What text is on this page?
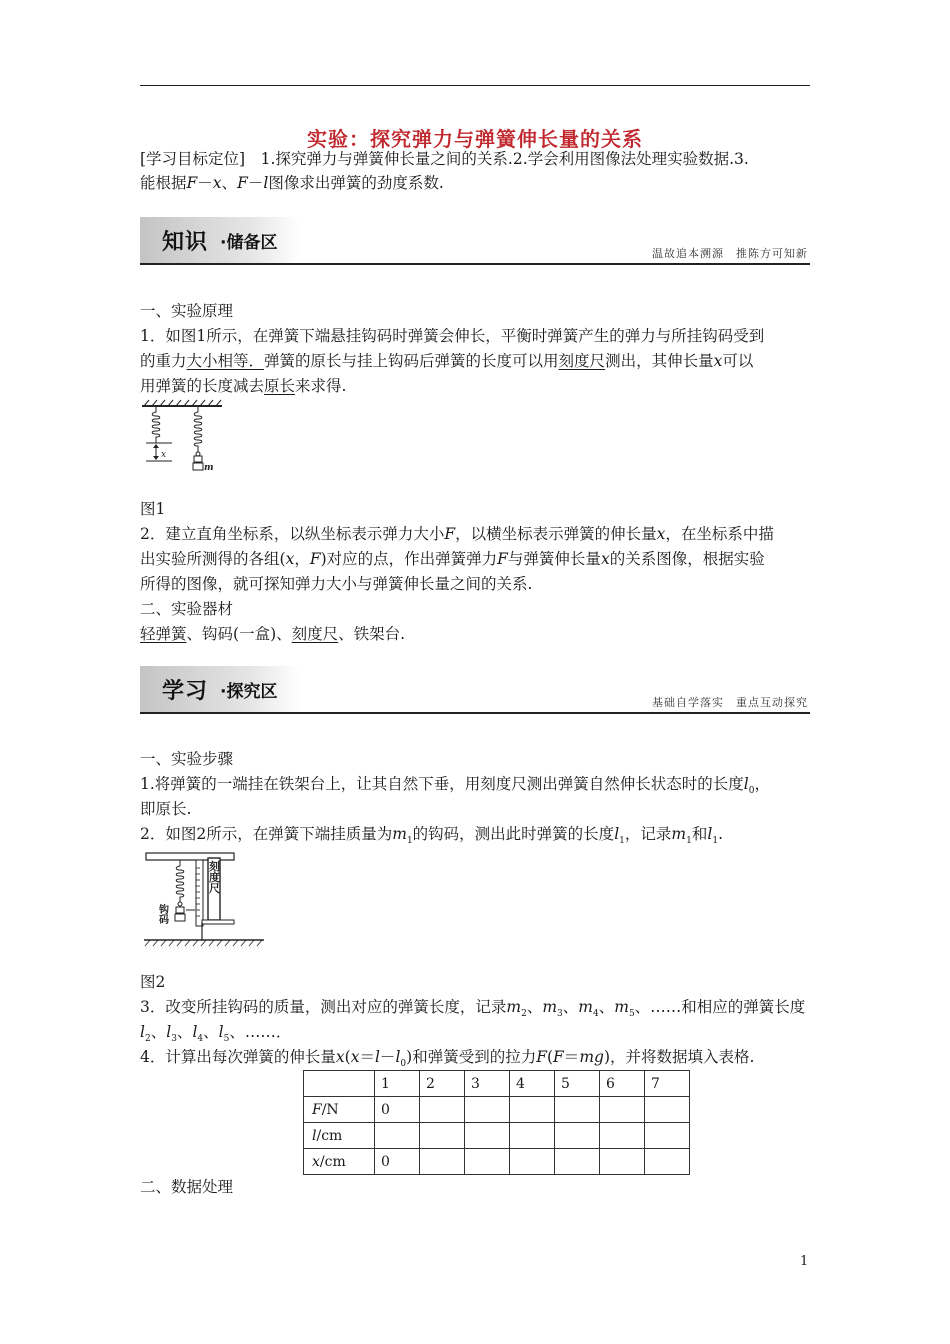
实验：探究弹力与弹簧伸长量的关系
[学习目标定位]　 1.探究弹力与弹簧伸长量之间的关系.2.学会利用图像法处理实验数据.3.
能根据F－x、F－l图像求出弹簧的劲度系数.
知识 ·储备区
温故追本溯源　推陈方可知新
一、实验原理
1．如图1所示，在弹簧下端悬挂钩码时弹簧会伸长，平衡时弹簧产生的弹力与所挂钩码受到
的重力大小相等．弹簧的原长与挂上钩码后弹簧的长度可以用刻度尺测出，其伸长量x可以
用弹簧的长度减去原长来求得.
x
m
图1
2．建立直角坐标系，以纵坐标表示弹力大小F，以横坐标表示弹簧的伸长量x，在坐标系中描
出实验所测得的各组(x，F)对应的点，作出弹簧弹力F与弹簧伸长量x的关系图像，根据实验
所得的图像，就可探知弹力大小与弹簧伸长量之间的关系.
二、实验器材
轻弹簧、钩码(一盒)、刻度尺、铁架台.
学习 ·探究区
基础自学落实　重点互动探究
一、实验步骤
1.将弹簧的一端挂在铁架台上，让其自然下垂，用刻度尺测出弹簧自然伸长状态时的长度$l_0$，
即原长.
2．如图2所示，在弹簧下端挂质量为$m_1$的钩码，测出此时弹簧的长度$l_1$，记录$m_1$和$l_1$.
刻度尺
钩码
图2
3．改变所挂钩码的质量，测出对应的弹簧长度，记录$m_2$、$m_3$、$m_4$、$m_5$、……和相应的弹簧长度
$l_2$、$l_3$、$l_4$、$l_5$、……．
4．计算出每次弹簧的伸长量$x(x=l-l_0)$和弹簧受到的拉力F(F＝mg)，并将数据填入表格.
	1	2	3	4	5	6	7
F/N	0						
l/cm							
x/cm	0						
二、数据处理
1
